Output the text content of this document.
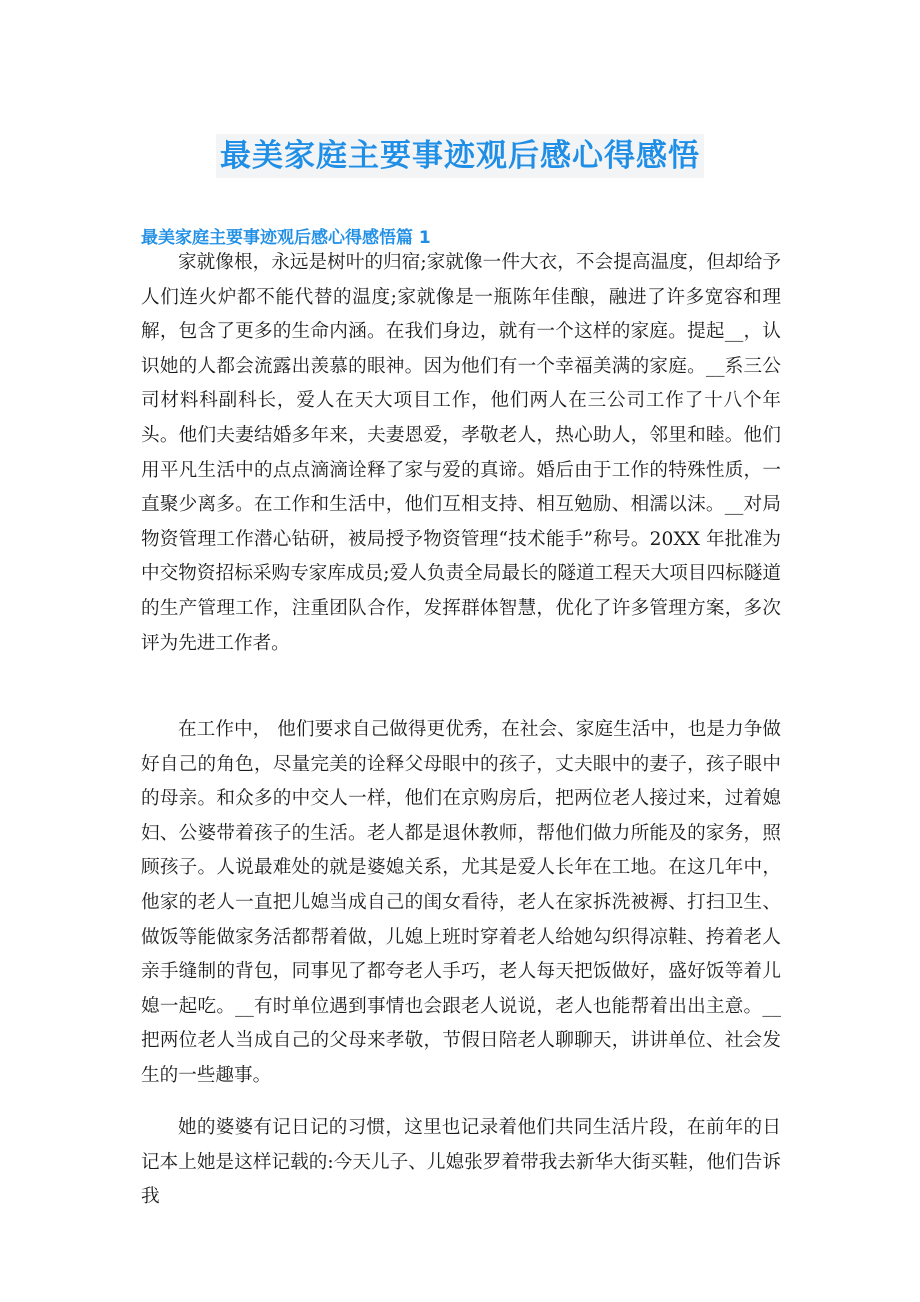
最美家庭主要事迹观后感心得感悟
最美家庭主要事迹观后感心得感悟篇 1

家就像根，永远是树叶的归宿;家就像一件大衣，不会提高温度，但却给予人们连火炉都不能代替的温度;家就像是一瓶陈年佳酿，融进了许多宽容和理解，包含了更多的生命内涵。在我们身边，就有一个这样的家庭。提起__，认识她的人都会流露出羡慕的眼神。因为他们有一个幸福美满的家庭。__系三公司材料科副科长，爱人在天大项目工作，他们两人在三公司工作了十八个年头。他们夫妻结婚多年来，夫妻恩爱，孝敬老人，热心助人，邻里和睦。他们用平凡生活中的点点滴滴诠释了家与爱的真谛。婚后由于工作的特殊性质，一直聚少离多。在工作和生活中，他们互相支持、相互勉励、相濡以沫。__对局物资管理工作潜心钻研，被局授予物资管理“技术能手”称号。20XX 年批准为中交物资招标采购专家库成员;爱人负责全局最长的隧道工程天大项目四标隧道的生产管理工作，注重团队合作，发挥群体智慧，优化了许多管理方案，多次评为先进工作者。

在工作中， 他们要求自己做得更优秀，在社会、家庭生活中，也是力争做好自己的角色，尽量完美的诠释父母眼中的孩子，丈夫眼中的妻子，孩子眼中的母亲。和众多的中交人一样，他们在京购房后，把两位老人接过来，过着媳妇、公婆带着孩子的生活。老人都是退休教师，帮他们做力所能及的家务，照顾孩子。人说最难处的就是婆媳关系，尤其是爱人长年在工地。在这几年中，他家的老人一直把儿媳当成自己的闺女看待，老人在家拆洗被褥、打扫卫生、做饭等能做家务活都帮着做，儿媳上班时穿着老人给她勾织得凉鞋、挎着老人亲手缝制的背包，同事见了都夸老人手巧，老人每天把饭做好，盛好饭等着儿媳一起吃。__有时单位遇到事情也会跟老人说说，老人也能帮着出出主意。__把两位老人当成自己的父母来孝敬，节假日陪老人聊聊天，讲讲单位、社会发生的一些趣事。

她的婆婆有记日记的习惯，这里也记录着他们共同生活片段，在前年的日记本上她是这样记载的:今天儿子、儿媳张罗着带我去新华大街买鞋，他们告诉我
